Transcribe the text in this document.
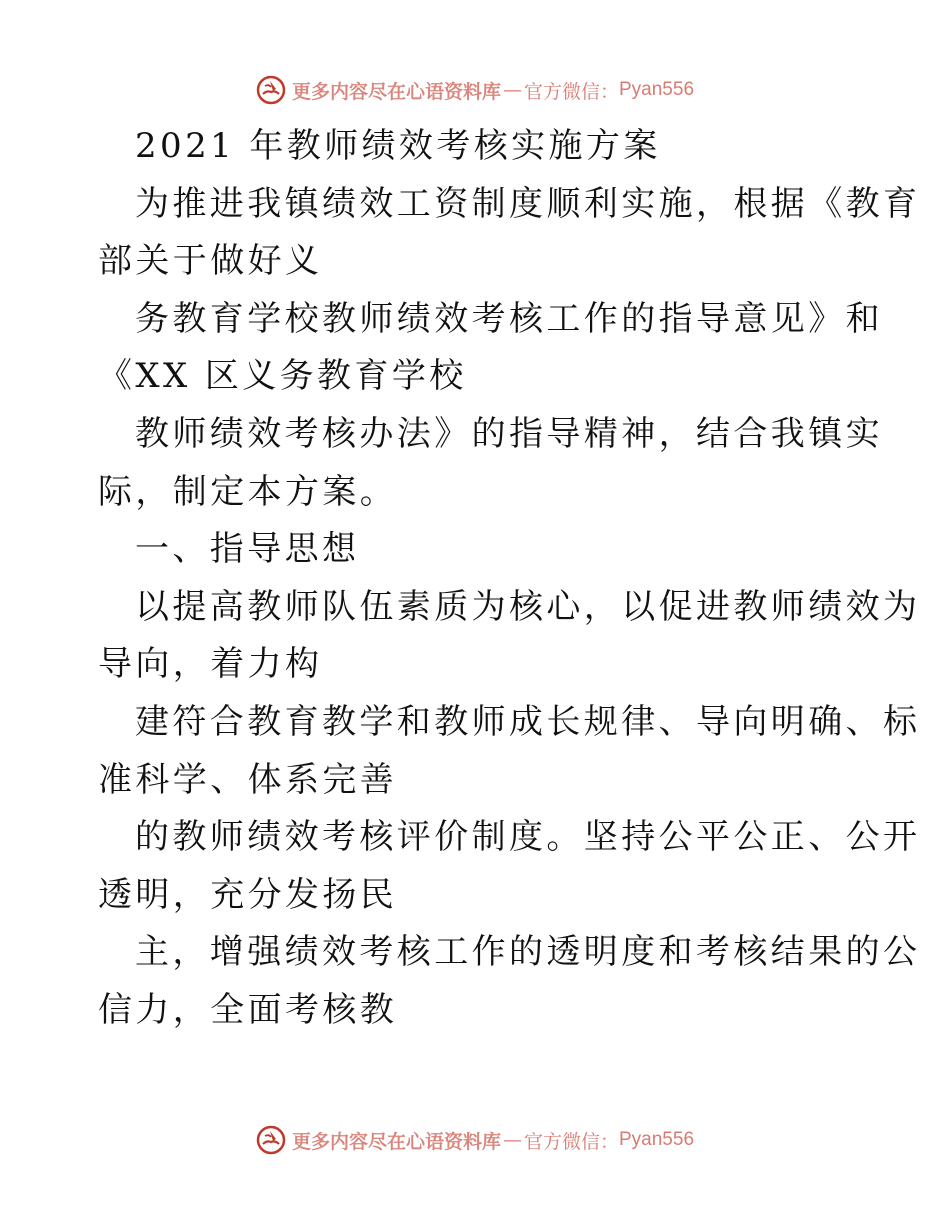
更多内容尽在心语资料库 — 官方微信： Pyan556
2021 年教师绩效考核实施方案
为推进我镇绩效工资制度顺利实施，根据《教育
部关于做好义
务教育学校教师绩效考核工作的指导意见》和
《XX 区义务教育学校
教师绩效考核办法》的指导精神，结合我镇实
际，制定本方案。
一、指导思想
以提高教师队伍素质为核心，以促进教师绩效为
导向，着力构
建符合教育教学和教师成长规律、导向明确、标
准科学、体系完善
的教师绩效考核评价制度。坚持公平公正、公开
透明，充分发扬民
主，增强绩效考核工作的透明度和考核结果的公
信力，全面考核教
更多内容尽在心语资料库 — 官方微信： Pyan556
